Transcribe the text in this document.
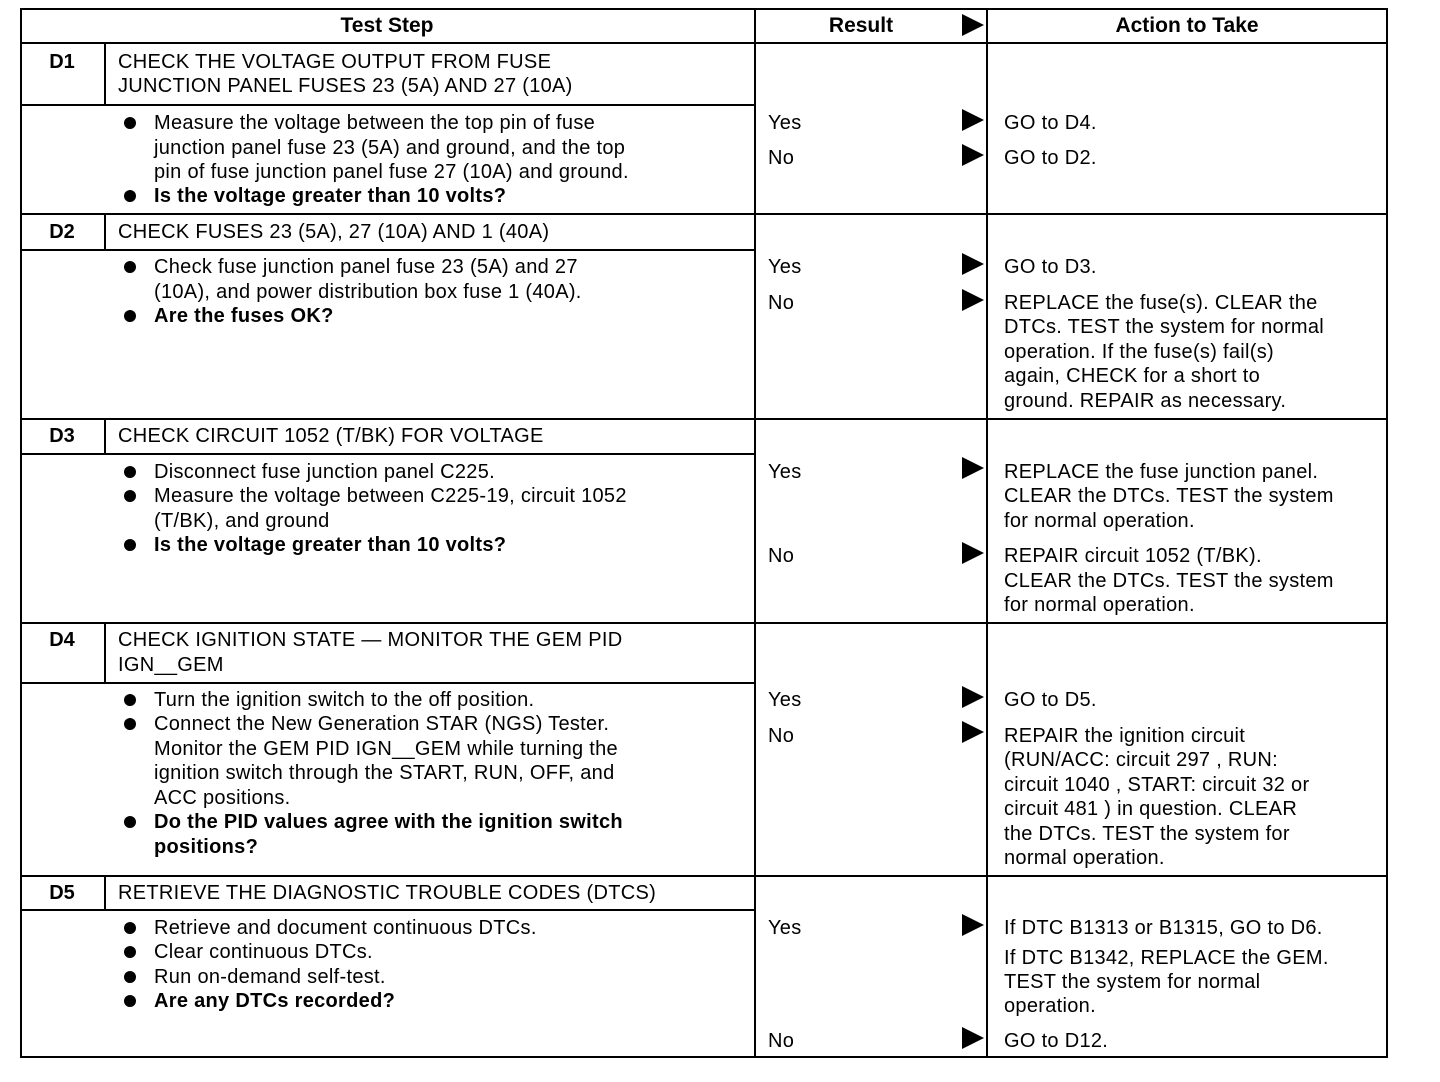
Test Step	Result	Action to Take
D1	CHECK THE VOLTAGE OUTPUT FROM FUSE
JUNCTION PANEL FUSES 23 (5A) AND 27 (10A)
Measure the voltage between the top pin of fuse
junction panel fuse 23 (5A) and ground, and the top
pin of fuse junction panel fuse 27 (10A) and ground.
Is the voltage greater than 10 volts?
Yes	GO to D4.
No	GO to D2.
D2	CHECK FUSES 23 (5A), 27 (10A) AND 1 (40A)
Check fuse junction panel fuse 23 (5A) and 27
(10A), and power distribution box fuse 1 (40A).
Are the fuses OK?
Yes	GO to D3.
No	REPLACE the fuse(s). CLEAR the
DTCs. TEST the system for normal
operation. If the fuse(s) fail(s)
again, CHECK for a short to
ground. REPAIR as necessary.
D3	CHECK CIRCUIT 1052 (T/BK) FOR VOLTAGE
Disconnect fuse junction panel C225.
Measure the voltage between C225-19, circuit 1052
(T/BK), and ground
Is the voltage greater than 10 volts?
Yes	REPLACE the fuse junction panel.
CLEAR the DTCs. TEST the system
for normal operation.
No	REPAIR circuit 1052 (T/BK).
CLEAR the DTCs. TEST the system
for normal operation.
D4	CHECK IGNITION STATE — MONITOR THE GEM PID
IGN__GEM
Turn the ignition switch to the off position.
Connect the New Generation STAR (NGS) Tester.
Monitor the GEM PID IGN__GEM while turning the
ignition switch through the START, RUN, OFF, and
ACC positions.
Do the PID values agree with the ignition switch
positions?
Yes	GO to D5.
No	REPAIR the ignition circuit
(RUN/ACC: circuit 297 , RUN:
circuit 1040 , START: circuit 32 or
circuit 481 ) in question. CLEAR
the DTCs. TEST the system for
normal operation.
D5	RETRIEVE THE DIAGNOSTIC TROUBLE CODES (DTCS)
Retrieve and document continuous DTCs.
Clear continuous DTCs.
Run on-demand self-test.
Are any DTCs recorded?
Yes	If DTC B1313 or B1315, GO to D6.
If DTC B1342, REPLACE the GEM.
TEST the system for normal
operation.
No	GO to D12.
